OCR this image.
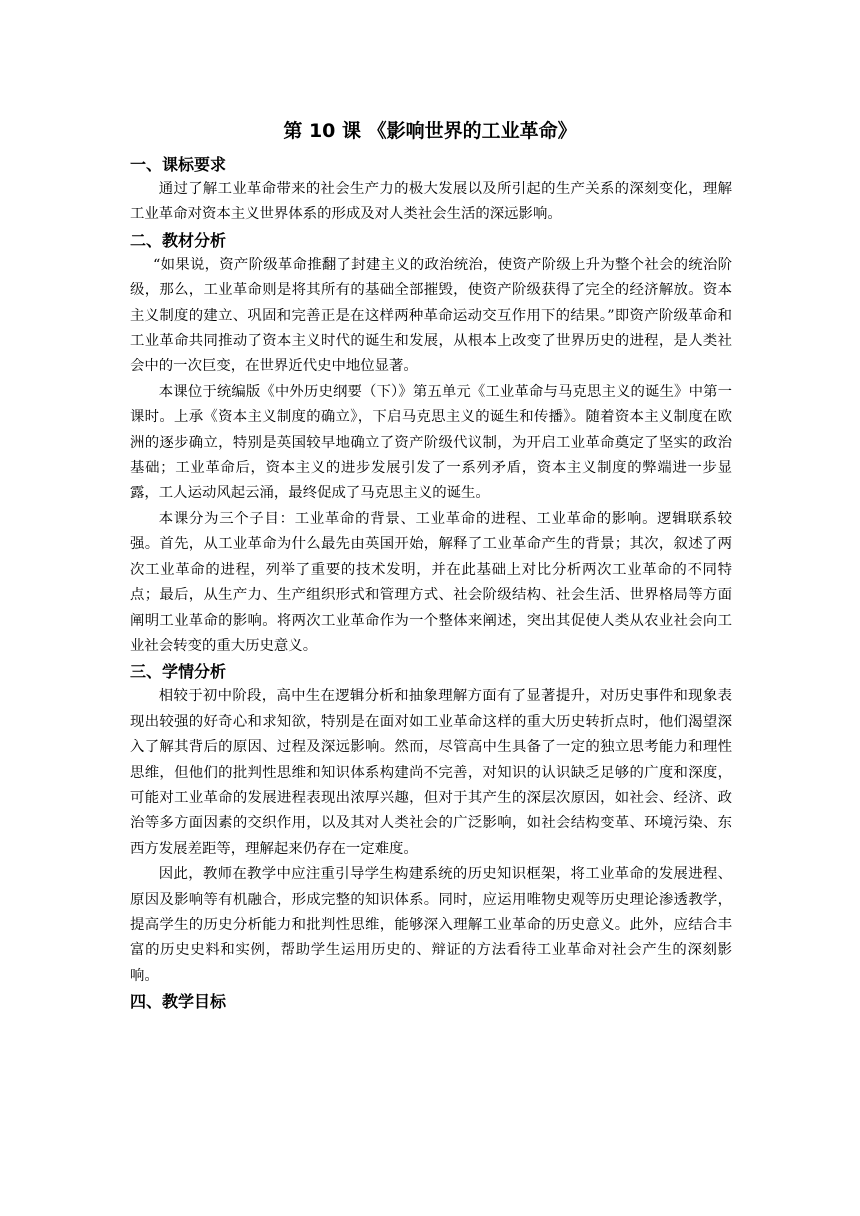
第 10 课 《影响世界的工业革命》
一、课标要求

通过了解工业革命带来的社会生产力的极大发展以及所引起的生产关系的深刻变化，理解工业革命对资本主义世界体系的形成及对人类社会生活的深远影响。

二、教材分析

“如果说，资产阶级革命推翻了封建主义的政治统治，使资产阶级上升为整个社会的统治阶级，那么，工业革命则是将其所有的基础全部摧毁，使资产阶级获得了完全的经济解放。资本主义制度的建立、巩固和完善正是在这样两种革命运动交互作用下的结果。”即资产阶级革命和工业革命共同推动了资本主义时代的诞生和发展，从根本上改变了世界历史的进程，是人类社会中的一次巨变，在世界近代史中地位显著。

本课位于统编版《中外历史纲要（下）》第五单元《工业革命与马克思主义的诞生》中第一课时。上承《资本主义制度的确立》，下启马克思主义的诞生和传播》。随着资本主义制度在欧洲的逐步确立，特别是英国较早地确立了资产阶级代议制，为开启工业革命奠定了坚实的政治基础；工业革命后，资本主义的进步发展引发了一系列矛盾，资本主义制度的弊端进一步显露，工人运动风起云涌，最终促成了马克思主义的诞生。

本课分为三个子目：工业革命的背景、工业革命的进程、工业革命的影响。逻辑联系较强。首先，从工业革命为什么最先由英国开始，解释了工业革命产生的背景；其次，叙述了两次工业革命的进程，列举了重要的技术发明，并在此基础上对比分析两次工业革命的不同特点；最后，从生产力、生产组织形式和管理方式、社会阶级结构、社会生活、世界格局等方面阐明工业革命的影响。将两次工业革命作为一个整体来阐述，突出其促使人类从农业社会向工业社会转变的重大历史意义。

三、学情分析

相较于初中阶段，高中生在逻辑分析和抽象理解方面有了显著提升，对历史事件和现象表现出较强的好奇心和求知欲，特别是在面对如工业革命这样的重大历史转折点时，他们渴望深入了解其背后的原因、过程及深远影响。然而，尽管高中生具备了一定的独立思考能力和理性思维，但他们的批判性思维和知识体系构建尚不完善，对知识的认识缺乏足够的广度和深度，可能对工业革命的发展进程表现出浓厚兴趣，但对于其产生的深层次原因，如社会、经济、政治等多方面因素的交织作用，以及其对人类社会的广泛影响，如社会结构变革、环境污染、东西方发展差距等，理解起来仍存在一定难度。

因此，教师在教学中应注重引导学生构建系统的历史知识框架，将工业革命的发展进程、原因及影响等有机融合，形成完整的知识体系。同时，应运用唯物史观等历史理论渗透教学，提高学生的历史分析能力和批判性思维，能够深入理解工业革命的历史意义。此外，应结合丰富的历史史料和实例，帮助学生运用历史的、辩证的方法看待工业革命对社会产生的深刻影响。

四、教学目标
